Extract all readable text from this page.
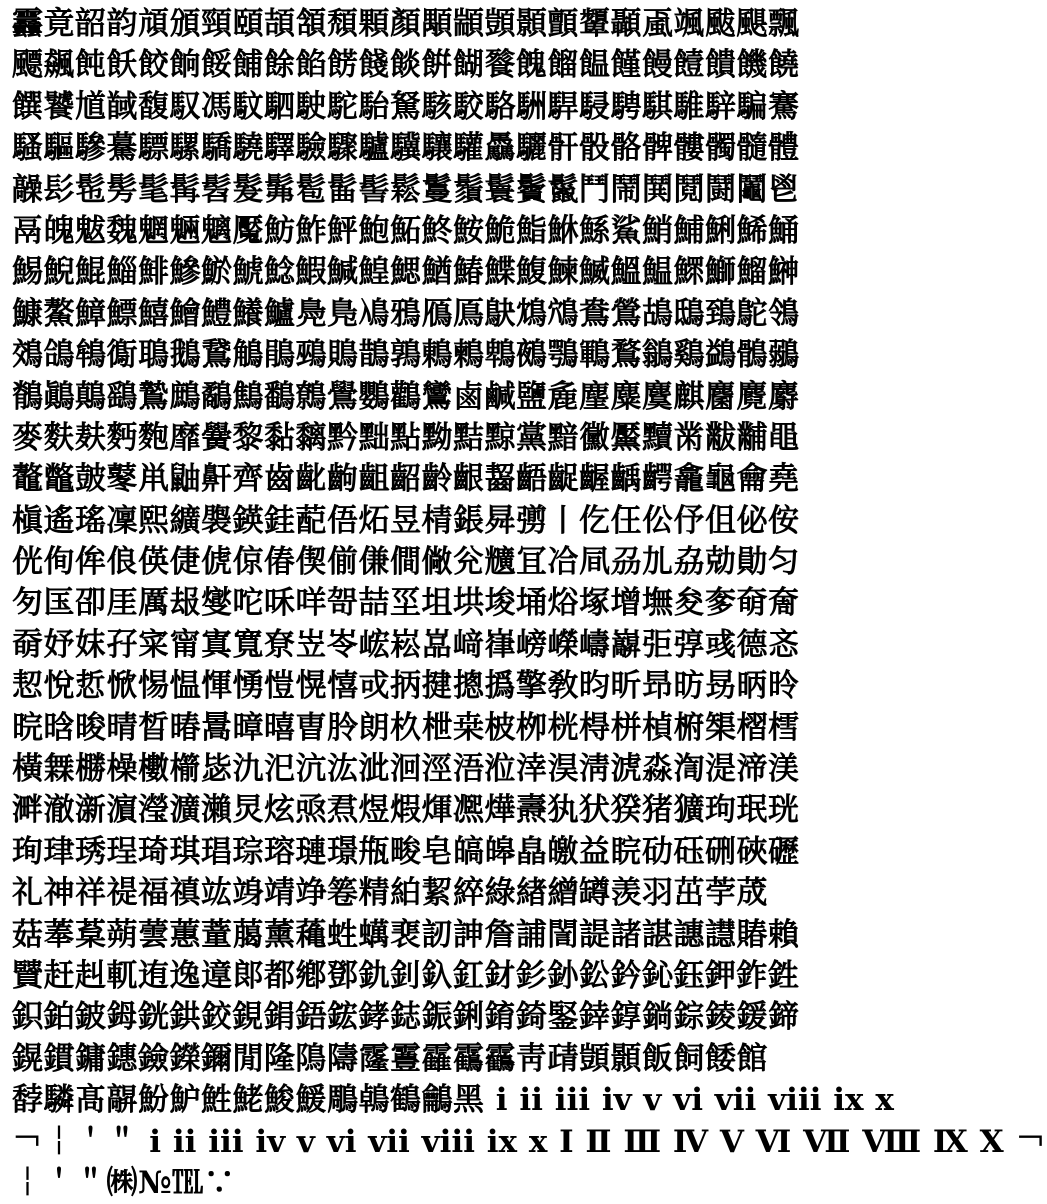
䨺竟韶韵頏頒頸頤頡頷頹顆顏顒顓顗顥顫顰顳颪颯颰颶飄
飃飆飩飫餃餉餒餔餘餡餝餞餤餠餬餮餽餾饂饉饅饐饋饑饒
饌饕馗馘馥馭馮馼駟駛駝駘駑駭駮駱駲駻駸騁騏騅騂騙騫
騷驅驂驀驃騾驕驍驛驗驟驢驥驤驩驫驪骭骰骼髀髏髑髓體
髞髟髢髣髦髯髫髮髴髱髷髻鬆鬘鬚鬟鬢鬣鬥鬧鬨鬩鬪鬮鬯
鬲魄魃魏魍魎魑魘魴鮓鮃鮑鮖鮗鮟鮠鮨鮴鯀鯊鮹鯆鯏鯑鯒
鯣鯢鯤鯔鯡鰺鯲鯱鯰鰕鰔鰉鰓鰌鰆鰈鰒鰊鰄鰮鰛鰥鰤鰡鰰
鱇鰲鱆鰾鱚鱠鱧鱶鱸鳧鳬鳰鴉鴈鳫鴃鴆鴪鴦鶯鴣鴟鵄鴕鴒
鵁鴿鴾鵆鵈鵝鵞鵤鵑鵐鵙鵲鶉鶇鶫鵯鵺鶚鶤鶩鶲鷄鷁鶻鶸
鶺鷆鷏鷂鷙鷓鷸鷦鷭鷯鷽鸚鸛鸞鹵鹹鹽麁麈麋麌麒麕麑麝
麥麩麸麪麭靡黌黎黏黐黔黜點黝黠黥黨黯黴黶黷黹黻黼黽
鼇鼈皷鼕鼡鼬鼾齊齒齔齣齟齠齡齦齧齬齪齷齲齶龕龜龠堯
槇遙瑤凜熙纊褜鍈銈蓜俉炻昱棈鋹曻彅丨仡仼伀伃伹佖侒
侊侚侔俍偀倢俿倞偆偰偂傔僴僘兊兤冝冾凬刕劜劦勀勛匀
匇匤卲厓厲叝燮咜咊咩哿喆坙坥垬埈埇焀塚增墲夋奓奛奝
奣妤妺孖寀甯寘寬尞岦岺峵崧嵓﨑嵂嵭嶸嶹巐弡弴彧德忞
恝悅悊惞惕愠惲愑愷愰憘戓抦揵摠撝擎敎昀昕昻昉昮昞昤
晥晗晙晴晳暙暠暲暿曺朎朗杦枻桒柀栁桄棏栟楨椨榘槢樰
橫橆橳橾櫢櫤毖氿汜沆汯泚洄涇浯涖涬淏淸淲淼渹湜渧渼
溿澈澵濵瀅瀇瀨炅炫焏焄煜煆煇凞燁燾犱犾猤猪獷玽珉珖
珣珒琇珵琦琪琩琮瑢璉璟甁畯皂皜皞皛皦益睆劯砡硎硤礰
礼神祥禔福禛竑竧靖竫箞精絈絜綷綠緖繒罇羡羽茁荢荿
菇菶葈蒴蕓蕙蕫﨟薰蘒﨡蠇裵訒訷詹誧誾諟諸諶譓譿賰賴
贒赶赳軏迶逸遧郞都鄕鄧釚釗釞釭釮釤釥鈆鈐鈊鈺鉀鈼鉎
鉙鉑鈹鉧銧鉷鉸鋧鋗鋙鋐﨧鋕鋠鋓錥錡鋻﨨錞鋿錝錂鍰鍗
鎤鏆鏞鏸鐱鑅鑈閒隆隝隯霳霻靃靍靏靑靕顗顥飯飼餧館
馞驎髙髜魵魲鮏鮱鮻鰀鵰鵫鶴鸙黑 ⅰ ⅱ ⅲ ⅳ ⅴ ⅵ ⅶ ⅷ ⅸ ⅹ
￢￤＇＂ ⅰ ⅱ ⅲ ⅳ ⅴ ⅵ ⅶ ⅷ ⅸ ⅹ Ⅰ Ⅱ Ⅲ Ⅳ Ⅴ Ⅵ Ⅶ Ⅷ Ⅸ Ⅹ ￢
￤＇＂㈱№℡∵
